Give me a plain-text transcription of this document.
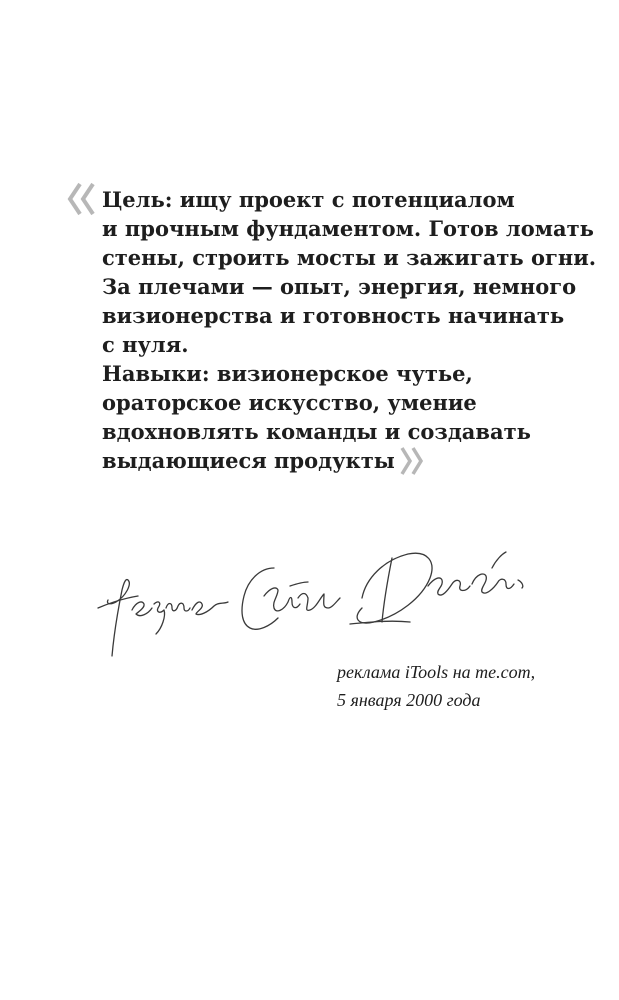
Цель: ищу проект с потенциалом
и прочным фундаментом. Готов ломать
стены, строить мосты и зажигать огни.
За плечами — опыт, энергия, немного
визионерства и готовность начинать
с нуля.
Навыки: визионерское чутье,
ораторское искусство, умение
вдохновлять команды и создавать
выдающиеся продукты
реклама iTools на me.com,
5 января 2000 года
